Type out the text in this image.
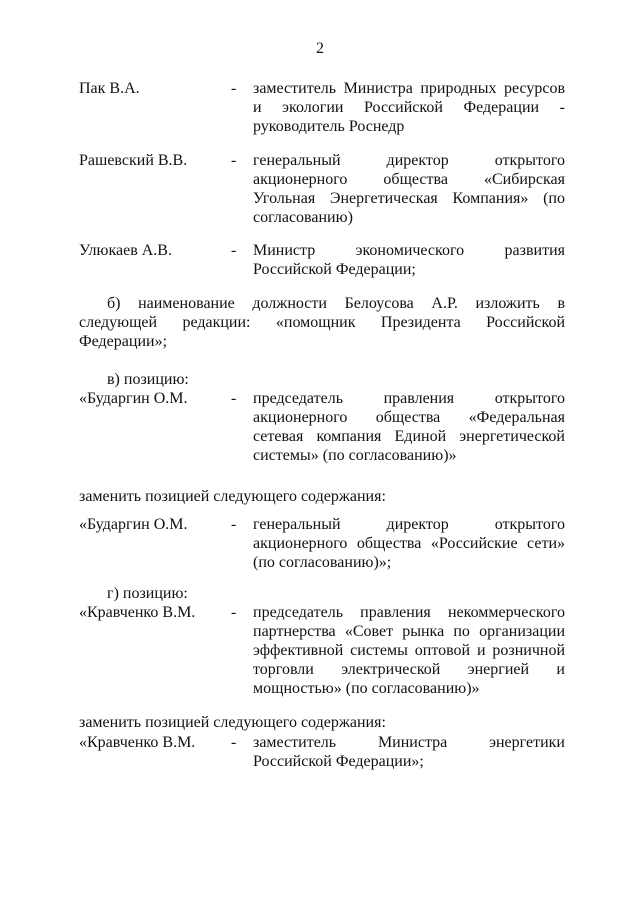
2
Пак В.А.	- заместитель Министра природных ресурсов и экологии Российской Федерации - руководитель Роснедр
Рашевский В.В.	- генеральный директор открытого акционерного общества «Сибирская Угольная Энергетическая Компания» (по согласованию)
Улюкаев А.В.	- Министр экономического развития Российской Федерации;
б) наименование должности Белоусова А.Р. изложить в следующей редакции: «помощник Президента Российской Федерации»;
в) позицию:
«Бударгин О.М.	- председатель правления открытого акционерного общества «Федеральная сетевая компания Единой энергетической системы» (по согласованию)»
заменить позицией следующего содержания:
«Бударгин О.М.	- генеральный директор открытого акционерного общества «Российские сети» (по согласованию)»;
г) позицию:
«Кравченко В.М. - председатель правления некоммерческого партнерства «Совет рынка по организации эффективной системы оптовой и розничной торговли электрической энергией и мощностью» (по согласованию)»
заменить позицией следующего содержания:
«Кравченко В.М. - заместитель Министра энергетики Российской Федерации»;
